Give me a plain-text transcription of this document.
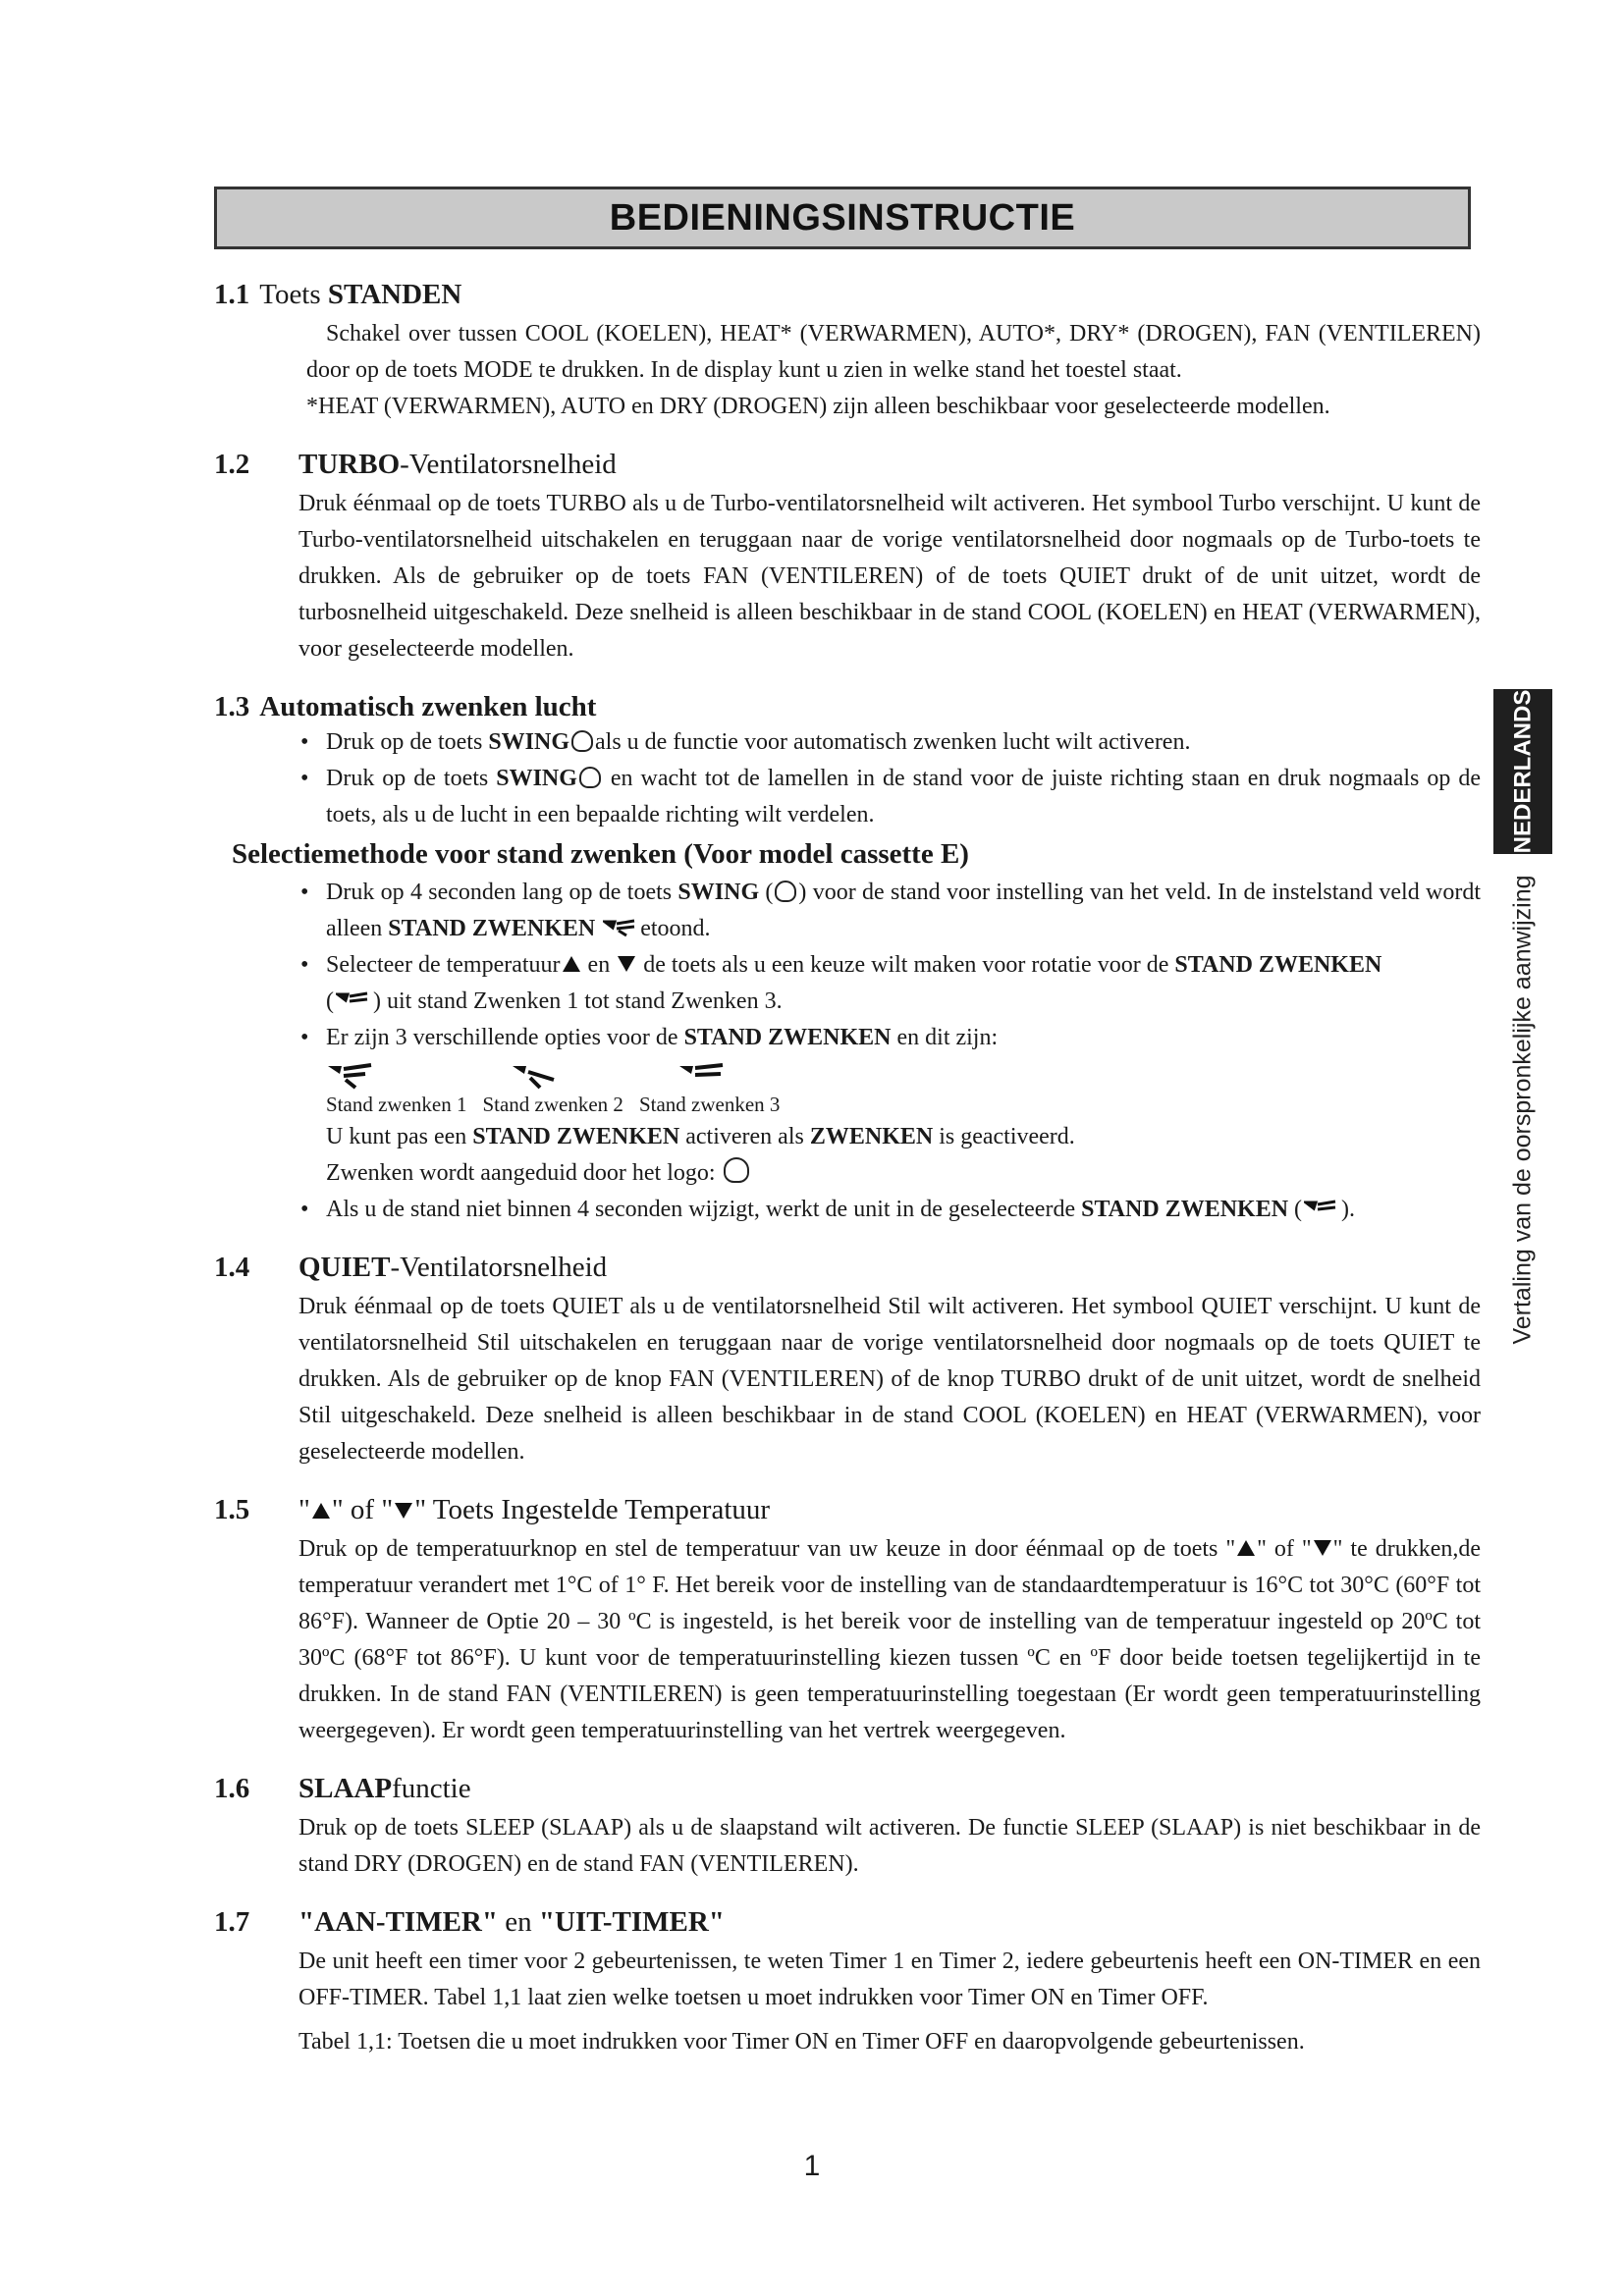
BEDIENINGSINSTRUCTIE
NEDERLANDS
Vertaling van de oorspronkelijke aanwijzing

1.1 Toets STANDEN

Schakel over tussen COOL (KOELEN), HEAT* (VERWARMEN), AUTO*, DRY* (DROGEN), FAN (VENTILEREN) door op de toets MODE te drukken. In de display kunt u zien in welke stand het toestel staat.

*HEAT (VERWARMEN), AUTO en DRY (DROGEN) zijn alleen beschikbaar voor geselecteerde modellen.

1.2 TURBO-Ventilatorsnelheid

Druk éénmaal op de toets TURBO als u de Turbo-ventilatorsnelheid wilt activeren. Het symbool Turbo verschijnt. U kunt de Turbo-ventilatorsnelheid uitschakelen en teruggaan naar de vorige ventilatorsnelheid door nogmaals op de Turbo-toets te drukken. Als de gebruiker op de toets FAN (VENTILEREN) of de toets QUIET drukt of de unit uitzet, wordt de turbosnelheid uitgeschakeld. Deze snelheid is alleen beschikbaar in de stand COOL (KOELEN) en HEAT (VERWARMEN), voor geselecteerde modellen.

1.3 Automatisch zwenken lucht

• Druk op de toets SWING als u de functie voor automatisch zwenken lucht wilt activeren.
• Druk op de toets SWING en wacht tot de lamellen in de stand voor de juiste richting staan en druk nogmaals op de toets, als u de lucht in een bepaalde richting wilt verdelen.

Selectiemethode voor stand zwenken (Voor model cassette E)

• Druk op 4 seconden lang op de toets SWING ( ) voor de stand voor instelling van het veld. In de instelstand veld wordt alleen STAND ZWENKEN etoond.
• Selecteer de temperatuur en  de toets als u een keuze wilt maken voor rotatie voor de STAND ZWENKEN
( ) uit stand Zwenken 1 tot stand Zwenken 3.
• Er zijn 3 verschillende opties voor de STAND ZWENKEN en dit zijn:
Stand zwenken 1 Stand zwenken 2 Stand zwenken 3
U kunt pas een STAND ZWENKEN activeren als ZWENKEN is geactiveerd.
Zwenken wordt aangeduid door het logo:
• Als u de stand niet binnen 4 seconden wijzigt, werkt de unit in de geselecteerde STAND ZWENKEN ( ).

1.4 QUIET-Ventilatorsnelheid

Druk éénmaal op de toets QUIET als u de ventilatorsnelheid Stil wilt activeren. Het symbool QUIET verschijnt. U kunt de ventilatorsnelheid Stil uitschakelen en teruggaan naar de vorige ventilatorsnelheid door nogmaals op de toets QUIET te drukken. Als de gebruiker op de knop FAN (VENTILEREN) of de knop TURBO drukt of de unit uitzet, wordt de snelheid Stil uitgeschakeld. Deze snelheid is alleen beschikbaar in de stand COOL (KOELEN) en HEAT (VERWARMEN), voor geselecteerde modellen.

1.5 " " of " " Toets Ingestelde Temperatuur

Druk op de temperatuurknop en stel de temperatuur van uw keuze in door éénmaal op de toets " " of " " te drukken,de temperatuur verandert met 1°C of 1° F. Het bereik voor de instelling van de standaardtemperatuur is 16°C tot 30°C (60°F tot 86°F). Wanneer de Optie 20 – 30 ºC is ingesteld, is het bereik voor de instelling van de temperatuur ingesteld op 20ºC tot 30ºC (68°F tot 86°F). U kunt voor de temperatuurinstelling kiezen tussen ºC en ºF door beide toetsen tegelijkertijd in te drukken. In de stand FAN (VENTILEREN) is geen temperatuurinstelling toegestaan (Er wordt geen temperatuurinstelling weergegeven). Er wordt geen temperatuurinstelling van het vertrek weergegeven.

1.6 SLAAPfunctie

Druk op de toets SLEEP (SLAAP) als u de slaapstand wilt activeren. De functie SLEEP (SLAAP) is niet beschikbaar in de stand DRY (DROGEN) en de stand FAN (VENTILEREN).

1.7 "AAN-TIMER" en "UIT-TIMER"

De unit heeft een timer voor 2 gebeurtenissen, te weten Timer 1 en Timer 2, iedere gebeurtenis heeft een ON-TIMER en een OFF-TIMER. Tabel 1,1 laat zien welke toetsen u moet indrukken voor Timer ON en Timer OFF.

Tabel 1,1: Toetsen die u moet indrukken voor Timer ON en Timer OFF en daaropvolgende gebeurtenissen.

1
